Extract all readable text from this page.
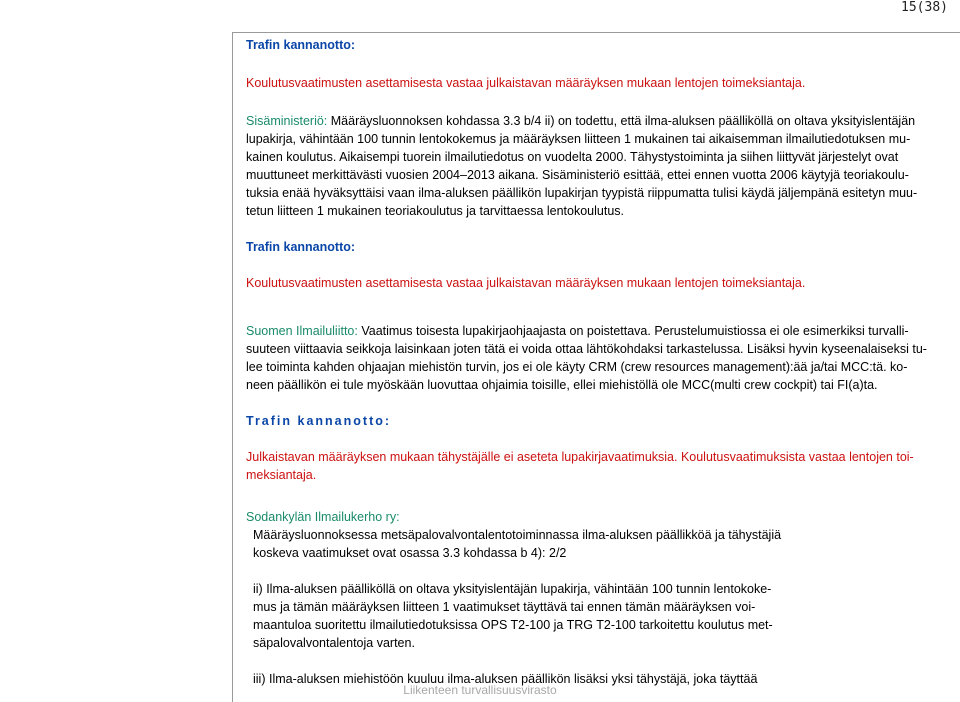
15(38)

Trafin kannanotto:

Koulutusvaatimusten asettamisesta vastaa julkaistavan määräyksen mukaan lentojen toimeksiantaja.

Sisäministeriö: Määräysluonnoksen kohdassa 3.3 b/4 ii) on todettu, että ilma-aluksen päälliköllä on oltava yksityislentäjän

lupakirja, vähintään 100 tunnin lentokokemus ja määräyksen liitteen 1 mukainen tai aikaisemman ilmailutiedotuksen mu-

kainen koulutus. Aikaisempi tuorein ilmailutiedotus on vuodelta 2000. Tähystystoiminta ja siihen liittyvät järjestelyt ovat

muuttuneet merkittävästi vuosien 2004–2013 aikana. Sisäministeriö esittää, ettei ennen vuotta 2006 käytyjä teoriakoulu-

tuksia enää hyväksyttäisi vaan ilma-aluksen päällikön lupakirjan tyypistä riippumatta tulisi käydä jäljempänä esitetyn muu-

tetun liitteen 1 mukainen teoriakoulutus ja tarvittaessa lentokoulutus.

Trafin kannanotto:

Koulutusvaatimusten asettamisesta vastaa julkaistavan määräyksen mukaan lentojen toimeksiantaja.

Suomen Ilmailuliitto: Vaatimus toisesta lupakirjaohjaajasta on poistettava. Perustelumuistiossa ei ole esimerkiksi turvalli-

suuteen viittaavia seikkoja laisinkaan joten tätä ei voida ottaa lähtökohdaksi tarkastelussa. Lisäksi hyvin kyseenalaiseksi tu-

lee toiminta kahden ohjaajan miehistön turvin, jos ei ole käyty CRM (crew resources management):ää ja/tai MCC:tä. ko-

neen päällikön ei tule myöskään luovuttaa ohjaimia toisille, ellei miehistöllä ole MCC(multi crew cockpit) tai FI(a)ta.

Trafin kannanotto:

Julkaistavan määräyksen mukaan tähystäjälle ei aseteta lupakirjavaatimuksia. Koulutusvaatimuksista vastaa lentojen toi-

meksiantaja.

Sodankylän Ilmailukerho ry:

Määräysluonnoksessa metsäpalovalvontalentotoiminnassa ilma-aluksen päällikköä ja tähystäjiä

koskeva vaatimukset ovat osassa 3.3 kohdassa b 4): 2/2

ii) Ilma-aluksen päälliköllä on oltava yksityislentäjän lupakirja, vähintään 100 tunnin lentokoke-

mus ja tämän määräyksen liitteen 1 vaatimukset täyttävä tai ennen tämän määräyksen voi-

maantuloa suoritettu ilmailutiedotuksissa OPS T2-100 ja TRG T2-100 tarkoitettu koulutus met-

säpalovalvontalentoja varten.

iii) Ilma-aluksen miehistöön kuuluu ilma-aluksen päällikön lisäksi yksi tähystäjä, joka täyttää

Liikenteen turvallisuusvirasto
